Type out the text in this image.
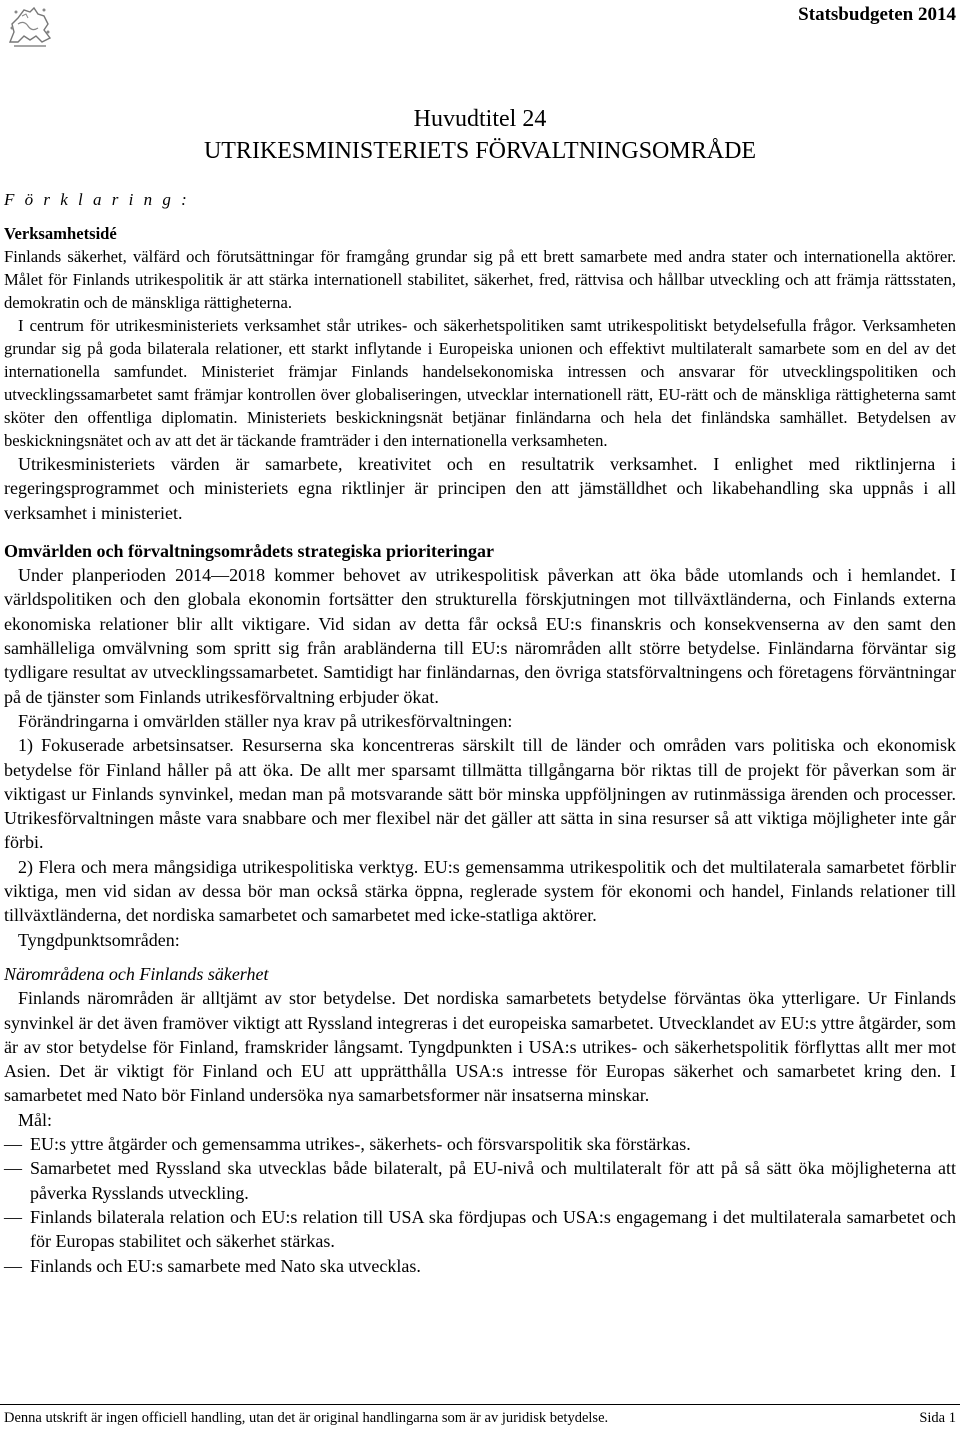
Statsbudgeten 2014
Huvudtitel 24
UTRIKESMINISTERIETS FÖRVALTNINGSOMRÅDE
F ö r k l a r i n g :

Verksamhetsidé

Finlands säkerhet, välfärd och förutsättningar för framgång grundar sig på ett brett samarbete med andra stater och internationella aktörer. Målet för Finlands utrikespolitik är att stärka internationell stabilitet, säkerhet, fred, rättvisa och hållbar utveckling och att främja rättsstaten, demokratin och de mänskliga rättigheterna.

I centrum för utrikesministeriets verksamhet står utrikes- och säkerhetspolitiken samt utrikespolitiskt betydelsefulla frågor. Verksamheten grundar sig på goda bilaterala relationer, ett starkt inflytande i Europeiska unionen och effektivt multilateralt samarbete som en del av det internationella samfundet. Ministeriet främjar Finlands handelsekonomiska intressen och ansvarar för utvecklingspolitiken och utvecklingssamarbetet samt främjar kontrollen över globaliseringen, utvecklar internationell rätt, EU-rätt och de mänskliga rättigheterna samt sköter den offentliga diplomatin. Ministeriets beskickningsnät betjänar finländarna och hela det finländska samhället. Betydelsen av beskickningsnätet och av att det är täckande framträder i den internationella verksamheten.

Utrikesministeriets värden är samarbete, kreativitet och en resultatrik verksamhet. I enlighet med riktlinjerna i regeringsprogrammet och ministeriets egna riktlinjer är principen den att jämställdhet och likabehandling ska uppnås i all verksamhet i ministeriet.

Omvärlden och förvaltningsområdets strategiska prioriteringar

Under planperioden 2014—2018 kommer behovet av utrikespolitisk påverkan att öka både utomlands och i hemlandet. I världspolitiken och den globala ekonomin fortsätter den strukturella förskjutningen mot tillväxtländerna, och Finlands externa ekonomiska relationer blir allt viktigare. Vid sidan av detta får också EU:s finanskris och konsekvenserna av den samt den samhälleliga omvälvning som spritt sig från arabländerna till EU:s närområden allt större betydelse. Finländarna förväntar sig tydligare resultat av utvecklingssamarbetet. Samtidigt har finländarnas, den övriga statsförvaltningens och företagens förväntningar på de tjänster som Finlands utrikesförvaltning erbjuder ökat.

Förändringarna i omvärlden ställer nya krav på utrikesförvaltningen:

1) Fokuserade arbetsinsatser. Resurserna ska koncentreras särskilt till de länder och områden vars politiska och ekonomisk betydelse för Finland håller på att öka. De allt mer sparsamt tillmätta tillgångarna bör riktas till de projekt för påverkan som är viktigast ur Finlands synvinkel, medan man på motsvarande sätt bör minska uppföljningen av rutinmässiga ärenden och processer. Utrikesförvaltningen måste vara snabbare och mer flexibel när det gäller att sätta in sina resurser så att viktiga möjligheter inte går förbi.

2) Flera och mera mångsidiga utrikespolitiska verktyg. EU:s gemensamma utrikespolitik och det multilaterala samarbetet förblir viktiga, men vid sidan av dessa bör man också stärka öppna, reglerade system för ekonomi och handel, Finlands relationer till tillväxtländerna, det nordiska samarbetet och samarbetet med icke-statliga aktörer.

Tyngdpunktsområden:

Närområdena och Finlands säkerhet

Finlands närområden är alltjämt av stor betydelse. Det nordiska samarbetets betydelse förväntas öka ytterligare. Ur Finlands synvinkel är det även framöver viktigt att Ryssland integreras i det europeiska samarbetet. Utvecklandet av EU:s yttre åtgärder, som är av stor betydelse för Finland, framskrider långsamt. Tyngdpunkten i USA:s utrikes- och säkerhetspolitik förflyttas allt mer mot Asien. Det är viktigt för Finland och EU att upprätthålla USA:s intresse för Europas säkerhet och samarbetet kring den. I samarbetet med Nato bör Finland undersöka nya samarbetsformer när insatserna minskar.

Mål:

— EU:s yttre åtgärder och gemensamma utrikes-, säkerhets- och försvarspolitik ska förstärkas.
— Samarbetet med Ryssland ska utvecklas både bilateralt, på EU-nivå och multilateralt för att på så sätt öka möjligheterna att påverka Rysslands utveckling.
— Finlands bilaterala relation och EU:s relation till USA ska fördjupas och USA:s engagemang i det multilaterala samarbetet och för Europas stabilitet och säkerhet stärkas.
— Finlands och EU:s samarbete med Nato ska utvecklas.
Denna utskrift är ingen officiell handling, utan det är original handlingarna som är av juridisk betydelse.	Sida 1
